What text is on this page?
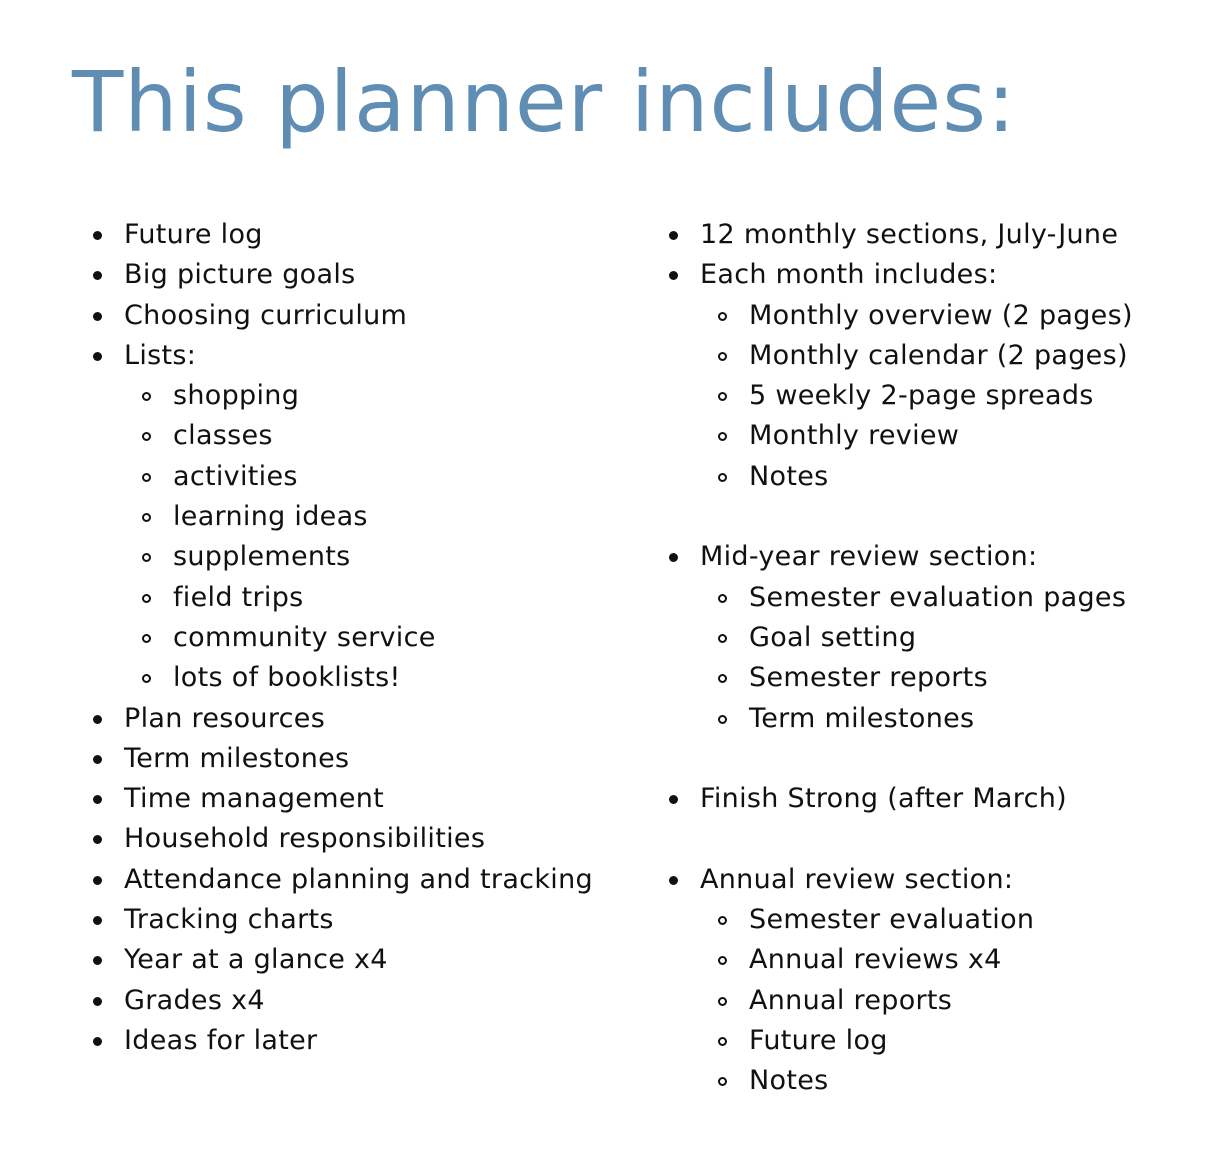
This planner includes:
Future log
Big picture goals
Choosing curriculum
Lists:
shopping
classes
activities
learning ideas
supplements
field trips
community service
lots of booklists!
Plan resources
Term milestones
Time management
Household responsibilities
Attendance planning and tracking
Tracking charts
Year at a glance x4
Grades x4
Ideas for later
12 monthly sections, July-June
Each month includes:
Monthly overview (2 pages)
Monthly calendar (2 pages)
5 weekly 2-page spreads
Monthly review
Notes
Mid-year review section:
Semester evaluation pages
Goal setting
Semester reports
Term milestones
Finish Strong (after March)
Annual review section:
Semester evaluation
Annual reviews x4
Annual reports
Future log
Notes
